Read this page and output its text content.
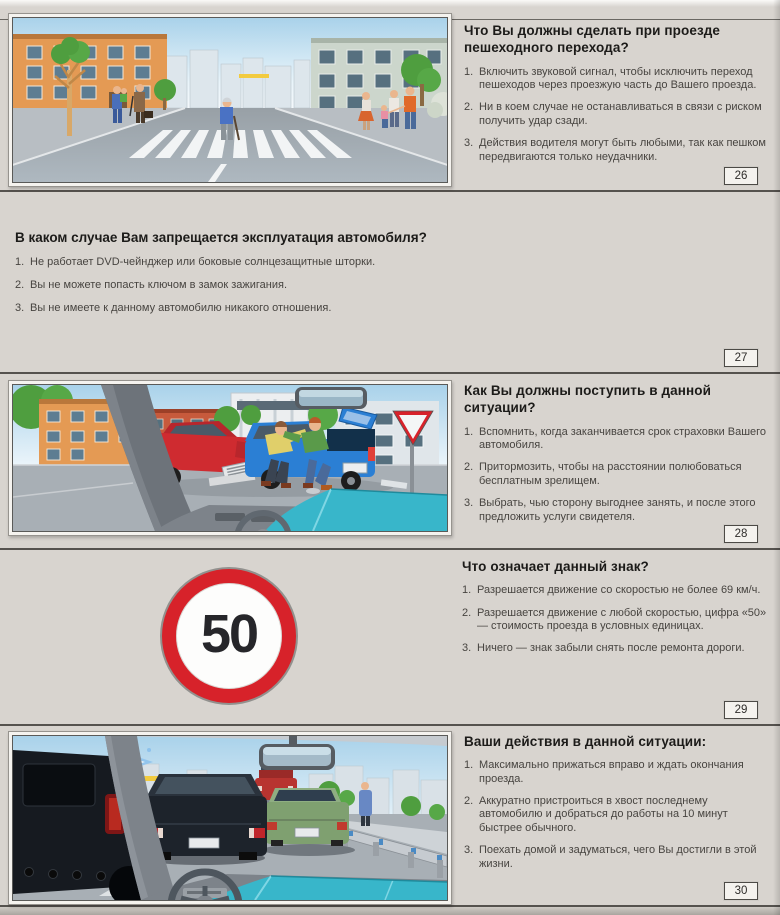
Что Вы должны сделать при проезде пешеходного перехода?
1. Включить звуковой сигнал, чтобы исключить переход пешеходов через проезжую часть до Вашего проезда.
2. Ни в коем случае не останавливаться в связи с риском получить удар сзади.
3. Действия водителя могут быть любыми, так как пешком передвигаются только неудачники.
26
В каком случае Вам запрещается эксплуатация автомобиля?
1. Не работает DVD-чейнджер или боковые солнцезащитные шторки.
2. Вы не можете попасть ключом в замок зажигания.
3. Вы не имеете к данному автомобилю никакого отношения.
27
Как Вы должны поступить в данной ситуации?
1. Вспомнить, когда заканчивается срок страховки Вашего автомобиля.
2. Притормозить, чтобы на расстоянии полюбоваться бесплатным зрелищем.
3. Выбрать, чью сторону выгоднее занять, и после этого предложить услуги свидетеля.
28
50
Что означает данный знак?
1. Разрешается движение со скоростью не более 69 км/ч.
2. Разрешается движение с любой скоростью, цифра «50» — стоимость проезда в условных единицах.
3. Ничего — знак забыли снять после ремонта дороги.
29
Ваши действия в данной ситуации:
1. Максимально прижаться вправо и ждать окончания проезда.
2. Аккуратно пристроиться в хвост последнему автомобилю и добраться до работы на 10 минут быстрее обычного.
3. Поехать домой и задуматься, чего Вы достигли в этой жизни.
30
